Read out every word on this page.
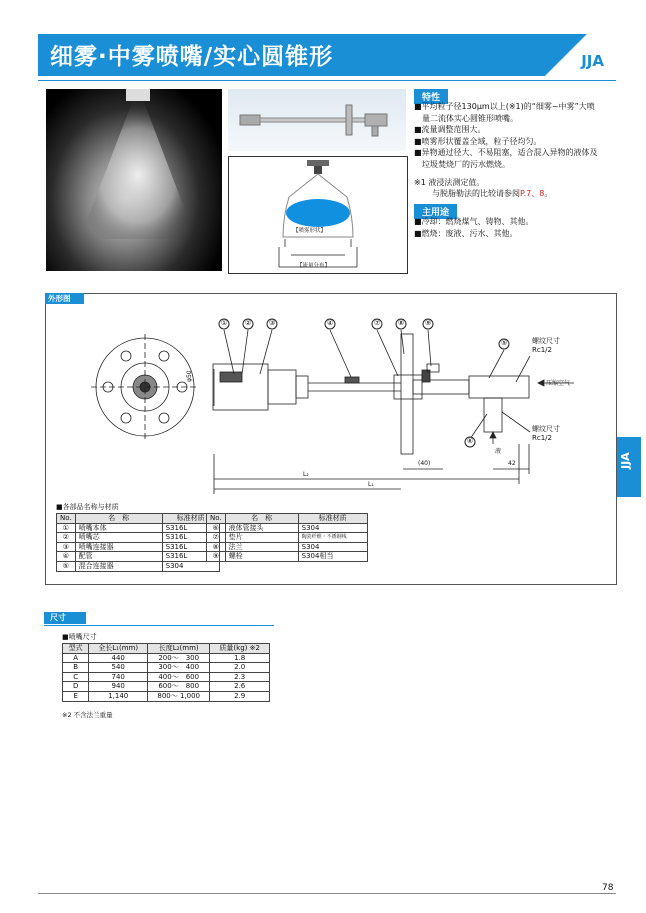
细雾·中雾喷嘴/实心圆锥形	JJA
【喷雾形状】
【流量分布】
特性
■平均粒子径130μm以上(※1)的“细雾~中雾”大喷
　量二流体实心圆锥形喷嘴。
■流量调整范围大。
■喷雾形状覆盖全域，粒子径均匀。
■异物通过径大、不易阻塞，适合混入异物的液体及
　垃圾焚烧厂的污水燃烧。
※1 液浸法测定值。
与脱脂勒法的比较请参阅P.7、8。
主用途
■冷却：燃烧煤气、铸物、其他。
■燃烧：废液、污水、其他。
①	②	③	④	⑦	⑧	⑨
⑤
⑥
螺纹尺寸
Rc1/2
螺纹尺寸
Rc1/2
压缩空气
液
φ50
(40)	42
L₂
L₁
■各部品名称与材质
No.	名　称	标准材质
①	喷嘴本体	S316L
②	喷嘴芯	S316L
③	喷嘴连接器	S316L
④	配管	S316L
⑤	混合连接器	S304
No.	名　称	标准材质
⑥	液体管接头	S304
⑦	垫片	陶瓷纤维・不锈钢线
⑧	法兰	S304
⑨	螺栓	S304相当
外形图
尺寸
■喷嘴尺寸
型式	全长L₁(mm)	长度L₂(mm)	质量(kg) ※2
A	440	200〜　300	1.8
B	540	300〜　400	2.0
C	740	400〜　600	2.3
D	940	600〜　800	2.6
E	1,140	800〜 1,000	2.9
※2 不含法兰重量
JJA
78
